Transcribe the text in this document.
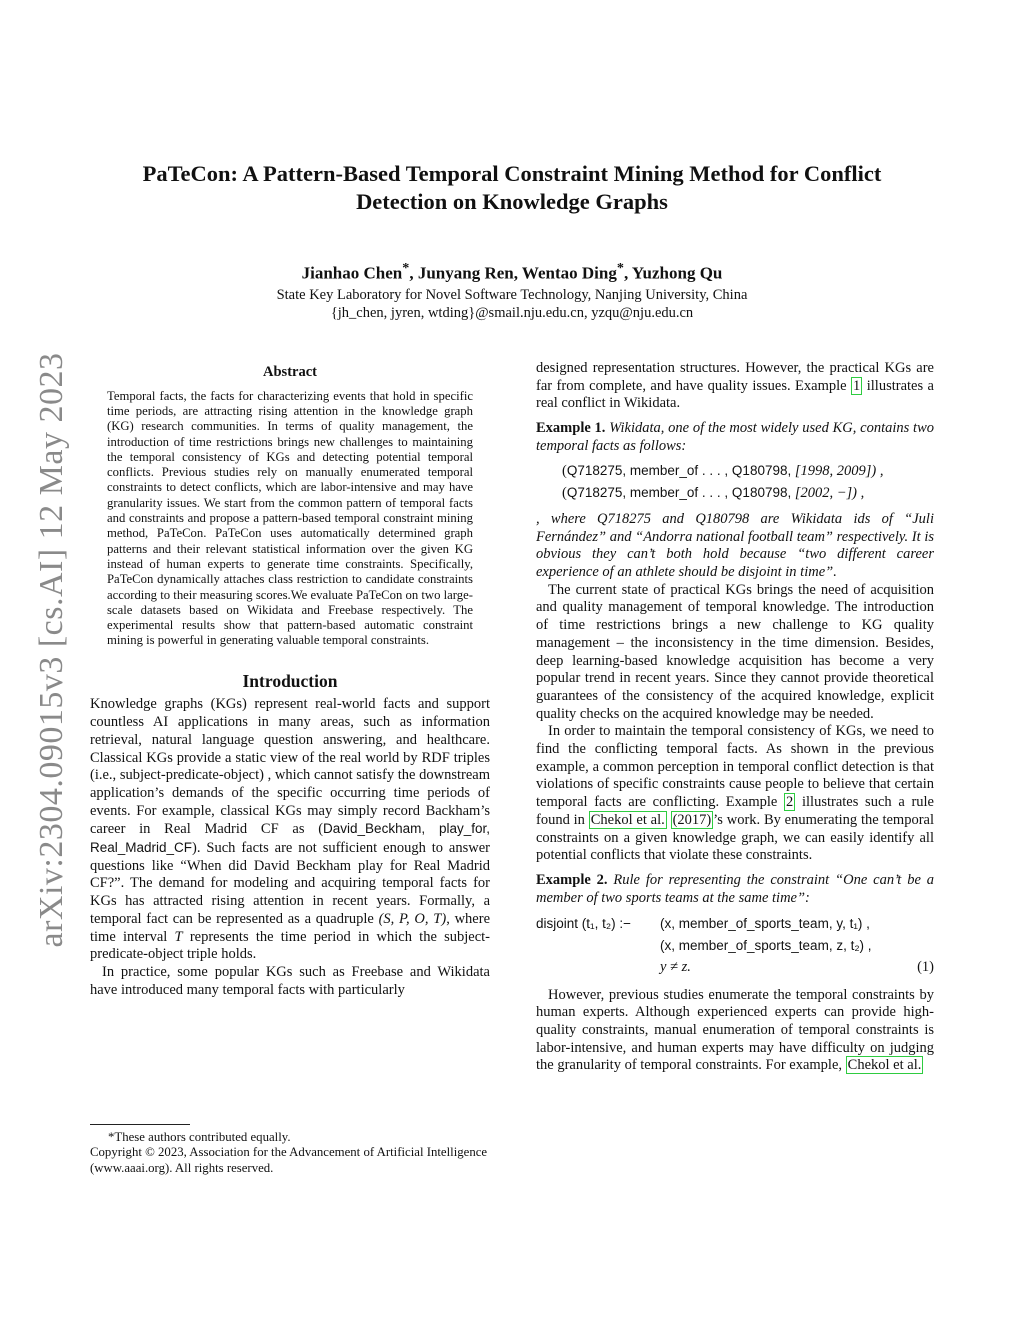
arXiv:2304.09015v3 [cs.AI] 12 May 2023
PaTeCon: A Pattern-Based Temporal Constraint Mining Method for Conflict Detection on Knowledge Graphs
Jianhao Chen*, Junyang Ren, Wentao Ding*, Yuzhong Qu
State Key Laboratory for Novel Software Technology, Nanjing University, China
{jh_chen, jyren, wtding}@smail.nju.edu.cn, yzqu@nju.edu.cn
Abstract
Temporal facts, the facts for characterizing events that hold in specific time periods, are attracting rising attention in the knowledge graph (KG) research communities. In terms of quality management, the introduction of time restrictions brings new challenges to maintaining the temporal consistency of KGs and detecting potential temporal conflicts. Previous studies rely on manually enumerated temporal constraints to detect conflicts, which are labor-intensive and may have granularity issues. We start from the common pattern of temporal facts and constraints and propose a pattern-based temporal constraint mining method, PaTeCon. PaTeCon uses automatically determined graph patterns and their relevant statistical information over the given KG instead of human experts to generate time constraints. Specifically, PaTeCon dynamically attaches class restriction to candidate constraints according to their measuring scores.We evaluate PaTeCon on two large-scale datasets based on Wikidata and Freebase respectively. The experimental results show that pattern-based automatic constraint mining is powerful in generating valuable temporal constraints.
Introduction

Knowledge graphs (KGs) represent real-world facts and support countless AI applications in many areas, such as information retrieval, natural language question answering, and healthcare. Classical KGs provide a static view of the real world by RDF triples (i.e., subject-predicate-object) , which cannot satisfy the downstream application’s demands of the specific occurring time periods of events. For example, classical KGs may simply record Backham’s career in Real Madrid CF as (David_Beckham, play_for, Real_Madrid_CF). Such facts are not sufficient enough to answer questions like “When did David Beckham play for Real Madrid CF?”. The demand for modeling and acquiring temporal facts for KGs has attracted rising attention in recent years. Formally, a temporal fact can be represented as a quadruple (S, P, O, T), where time interval T represents the time period in which the subject-predicate-object triple holds.

In practice, some popular KGs such as Freebase and Wikidata have introduced many temporal facts with particularly

*These authors contributed equally.
Copyright © 2023, Association for the Advancement of Artificial Intelligence (www.aaai.org). All rights reserved.

designed representation structures. However, the practical KGs are far from complete, and have quality issues. Example 1 illustrates a real conflict in Wikidata.

Example 1. Wikidata, one of the most widely used KG, contains two temporal facts as follows:

(Q718275, member_of . . . , Q180798, [1998, 2009]) ,

(Q718275, member_of . . . , Q180798, [2002, −]) ,

, where Q718275 and Q180798 are Wikidata ids of “Juli Fernández” and “Andorra national football team” respectively. It is obvious they can’t both hold because “two different career experience of an athlete should be disjoint in time”.

The current state of practical KGs brings the need of acquisition and quality management of temporal knowledge. The introduction of time restrictions brings a new challenge to KG quality management – the inconsistency in the time dimension. Besides, deep learning-based knowledge acquisition has become a very popular trend in recent years. Since they cannot provide theoretical guarantees of the consistency of the acquired knowledge, explicit quality checks on the acquired knowledge may be needed.

In order to maintain the temporal consistency of KGs, we need to find the conflicting temporal facts. As shown in the previous example, a common perception in temporal conflict detection is that violations of specific constraints cause people to believe that certain temporal facts are conflicting. Example 2 illustrates such a rule found in Chekol et al. (2017) ’s work. By enumerating the temporal constraints on a given knowledge graph, we can easily identify all potential conflicts that violate these constraints.

Example 2. Rule for representing the constraint “One can’t be a member of two sports teams at the same time”:

disjoint (t₁, t₂) :−	(x, member_of_sports_team, y, t₁) ,	
	(x, member_of_sports_team, z, t₂) ,	
	y ≠ z.	(1)

However, previous studies enumerate the temporal constraints by human experts. Although experienced experts can provide high-quality constraints, manual enumeration of temporal constraints is labor-intensive, and human experts may have difficulty on judging the granularity of temporal constraints. For example, Chekol et al.
